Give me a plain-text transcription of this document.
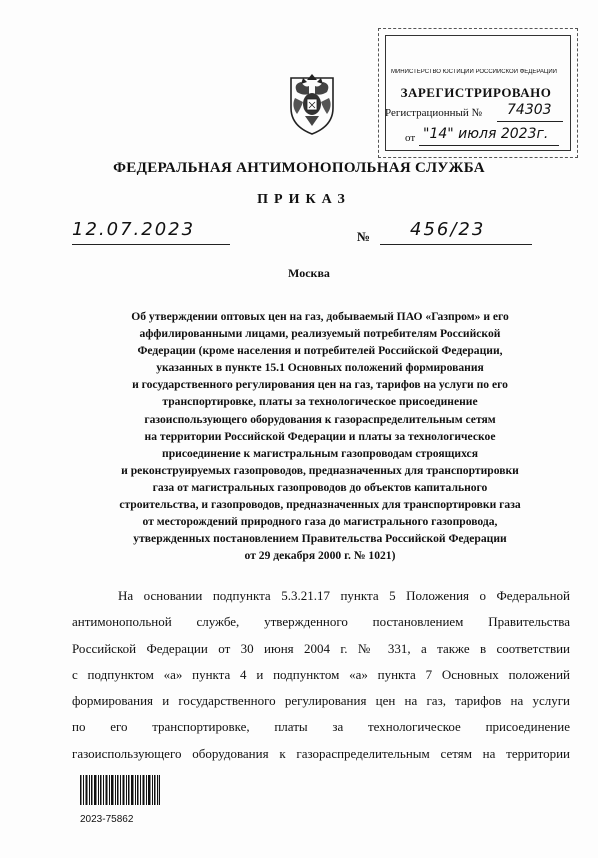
МИНИСТЕРСТВО ЮСТИЦИИ РОССИЙСКОЙ ФЕДЕРАЦИИ
ЗАРЕГИСТРИРОВАНО
Регистрационный № 74303
от "14" июля 2023г.
ФЕДЕРАЛЬНАЯ АНТИМОНОПОЛЬНАЯ СЛУЖБА
ПРИКАЗ
12.07.2023	№ 456/23
Москва
Об утверждении оптовых цен на газ, добываемый ПАО «Газпром» и его
аффилированными лицами, реализуемый потребителям Российской
Федерации (кроме населения и потребителей Российской Федерации,
указанных в пункте 15.1 Основных положений формирования
и государственного регулирования цен на газ, тарифов на услуги по его
транспортировке, платы за технологическое присоединение
газоиспользующего оборудования к газораспределительным сетям
на территории Российской Федерации и платы за технологическое
присоединение к магистральным газопроводам строящихся
и реконструируемых газопроводов, предназначенных для транспортировки
газа от магистральных газопроводов до объектов капитального
строительства, и газопроводов, предназначенных для транспортировки газа
от месторождений природного газа до магистрального газопровода,
утвержденных постановлением Правительства Российской Федерации
от 29 декабря 2000 г. № 1021)
На основании подпункта 5.3.21.17 пункта 5 Положения о Федеральной
антимонопольной службе, утвержденного постановлением Правительства
Российской Федерации от 30 июня 2004 г. № 331, а также в соответствии
с подпунктом «а» пункта 4 и подпунктом «а» пункта 7 Основных положений
формирования и государственного регулирования цен на газ, тарифов на услуги
по его транспортировке, платы за технологическое присоединение
газоиспользующего оборудования к газораспределительным сетям на территории
2023-75862
